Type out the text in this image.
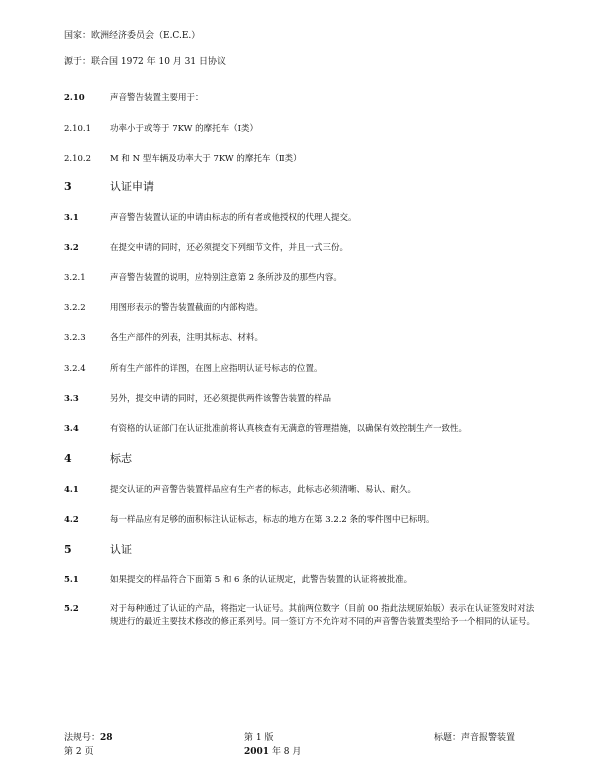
国家：欧洲经济委员会（E.C.E.）
源于：联合国 1972 年 10 月 31 日协议
2.10	声音警告装置主要用于：
2.10.1	功率小于或等于 7KW 的摩托车（Ⅰ类）
2.10.2	M 和 N 型车辆及功率大于 7KW 的摩托车（Ⅱ类）
3	认证申请
3.1	声音警告装置认证的申请由标志的所有者或他授权的代理人提交。
3.2	在提交申请的同时，还必须提交下列细节文件，并且一式三份。
3.2.1	声音警告装置的说明，应特别注意第 2 条所涉及的那些内容。
3.2.2	用图形表示的警告装置截面的内部构造。
3.2.3	各生产部件的列表，注明其标志、材料。
3.2.4	所有生产部件的详图，在图上应指明认证号标志的位置。
3.3	另外，提交申请的同时，还必须提供两件该警告装置的样品
3.4	有资格的认证部门在认证批准前将认真核查有无满意的管理措施，以确保有效控制生产一致性。
4	标志
4.1	提交认证的声音警告装置样品应有生产者的标志，此标志必须清晰、易认、耐久。
4.2	每一样品应有足够的面积标注认证标志，标志的地方在第 3.2.2 条的零件图中已标明。
5	认证
5.1	如果提交的样品符合下面第 5 和 6 条的认证规定，此警告装置的认证将被批准。
5.2	对于每种通过了认证的产品，将指定一认证号。其前两位数字（目前 00 指此法规原始版）表示在认证签发时对法规进行的最近主要技术修改的修正系列号。同一签订方不允许对不同的声音警告装置类型给予一个相同的认证号。
法规号：28
第 2 页
第 1 版
2001 年 8 月
标题：声音报警装置
